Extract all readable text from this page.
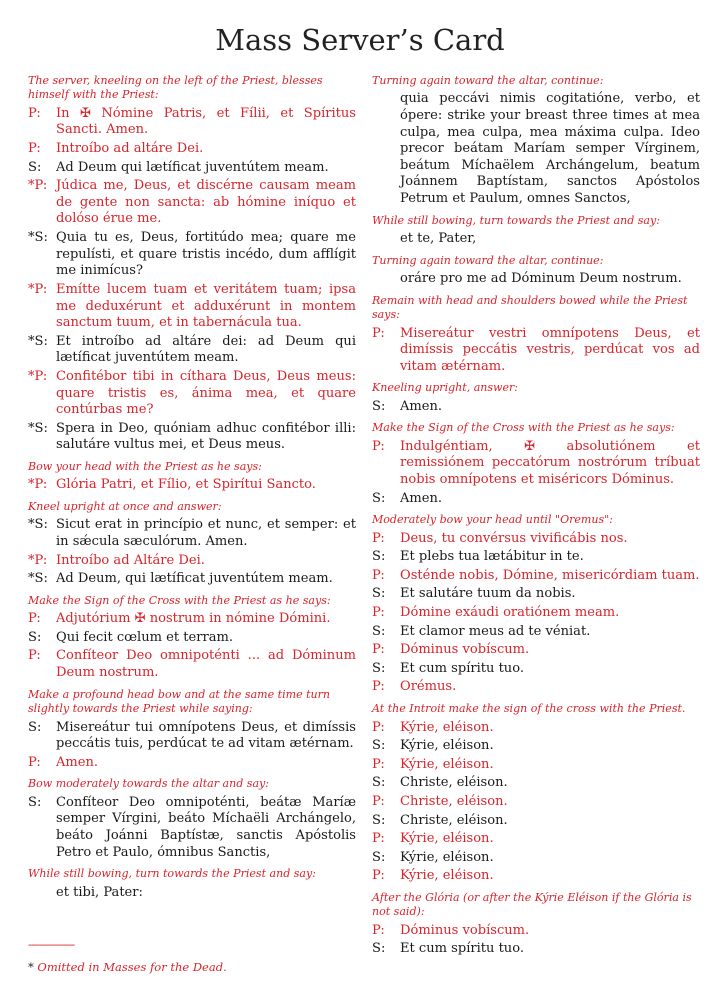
Mass Server’s Card
The server, kneeling on the left of the Priest, blesses himself with the Priest:
P:	In ✠ Nómine Patris, et Fílii, et Spíritus Sancti. Amen.
P:	Introíbo ad altáre Dei.
S:	Ad Deum qui lætíficat juventútem meam.
*P: Júdica me, Deus, et discérne causam meam de gente non sancta: ab hómine iníquo et dolóso érue me.
*S: Quia tu es, Deus, fortitúdo mea; quare me repulísti, et quare tristis incédo, dum afflígit me inimícus?
*P: Emítte lucem tuam et veritátem tuam; ipsa me deduxérunt et adduxérunt in montem sanctum tuum, et in tabernácula tua.
*S: Et introíbo ad altáre dei: ad Deum qui lætíficat juventútem meam.
*P: Confitébor tibi in cíthara Deus, Deus meus: quare tristis es, ánima mea, et quare contúrbas me?
*S: Spera in Deo, quóniam adhuc confitébor illi: salutáre vultus mei, et Deus meus.
Bow your head with the Priest as he says:
*P: Glória Patri, et Fílio, et Spirítui Sancto.
Kneel upright at once and answer:
*S: Sicut erat in princípio et nunc, et semper: et in sǽcula sæculórum. Amen.
*P: Introíbo ad Altáre Dei.
*S: Ad Deum, qui lætíficat juventútem meam.
Make the Sign of the Cross with the Priest as he says:
P:	Adjutórium ✠ nostrum in nómine Dómini.
S:	Qui fecit cœlum et terram.
P:	Confíteor Deo omnipoténti ... ad Dóminum Deum nostrum.
Make a profound head bow and at the same time turn slightly towards the Priest while saying:
S:	Misereátur tui omnípotens Deus, et dimíssis peccátis tuis, perdúcat te ad vitam ætérnam.
P:	Amen.
Bow moderately towards the altar and say:
S:	Confíteor Deo omnipoténti, beátæ Maríæ semper Vírgini, beáto Míchaëli Archángelo, beáto Joánni Baptístæ, sanctis Apóstolis Petro et Paulo, ómnibus Sanctis,
While still bowing, turn towards the Priest and say:
et tibi, Pater:
Turning again toward the altar, continue:
quia peccávi nimis cogitatióne, verbo, et ópere: strike your breast three times at mea culpa, mea culpa, mea máxima culpa. Ideo precor beátam Maríam semper Vírginem, beátum Míchaëlem Archángelum, beatum Joánnem Baptístam, sanctos Apóstolos Petrum et Paulum, omnes Sanctos,
While still bowing, turn towards the Priest and say:
et te, Pater,
Turning again toward the altar, continue:
oráre pro me ad Dóminum Deum nostrum.
Remain with head and shoulders bowed while the Priest says:
P:	Misereátur vestri omnípotens Deus, et dimíssis peccátis vestris, perdúcat vos ad vitam ætérnam.
Kneeling upright, answer:
S:	Amen.
Make the Sign of the Cross with the Priest as he says:
P:	Indulgéntiam, ✠ absolutiónem et remissiónem peccatórum nostrórum tríbuat nobis omnípotens et miséricors Dóminus.
S:	Amen.
Moderately bow your head until "Oremus":
P:	Deus, tu convérsus vivificábis nos.
S:	Et plebs tua lætábitur in te.
P:	Osténde nobis, Dómine, misericórdiam tuam.
S:	Et salutáre tuum da nobis.
P:	Dómine exáudi oratiónem meam.
S:	Et clamor meus ad te véniat.
P:	Dóminus vobíscum.
S:	Et cum spíritu tuo.
P:	Orémus.
At the Introit make the sign of the cross with the Priest.
P:	Kýrie, eléison.
S:	Kýrie, eléison.
P:	Kýrie, eléison.
S:	Christe, eléison.
P:	Christe, eléison.
S:	Christe, eléison.
P:	Kýrie, eléison.
S:	Kýrie, eléison.
P:	Kýrie, eléison.
After the Glória (or after the Kýrie Eléison if the Glória is not said):
P:	Dóminus vobíscum.
S:	Et cum spíritu tuo.
-----------------
* Omitted in Masses for the Dead.
